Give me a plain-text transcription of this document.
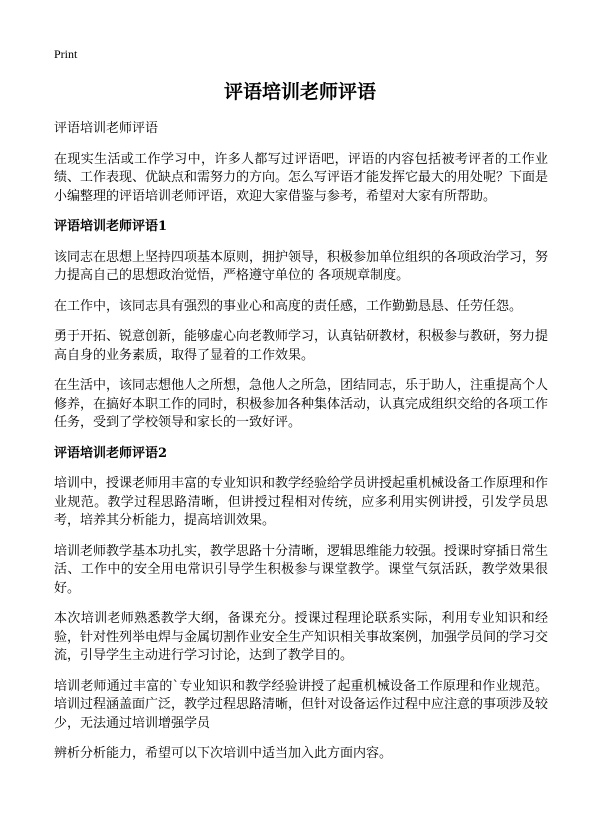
Print
评语培训老师评语

评语培训老师评语

在现实生活或工作学习中，许多人都写过评语吧，评语的内容包括被考评者的工作业绩、工作表现、优缺点和需努力的方向。怎么写评语才能发挥它最大的用处呢？下面是小编整理的评语培训老师评语，欢迎大家借鉴与参考，希望对大家有所帮助。

评语培训老师评语1

该同志在思想上坚持四项基本原则，拥护领导，积极参加单位组织的各项政治学习，努力提高自己的思想政治觉悟，严格遵守单位的 各项规章制度。

在工作中，该同志具有强烈的事业心和高度的责任感，工作勤勤恳恳、任劳任怨。

勇于开拓、锐意创新，能够虚心向老教师学习，认真钻研教材，积极参与教研，努力提高自身的业务素质，取得了显着的工作效果。

在生活中，该同志想他人之所想，急他人之所急，团结同志，乐于助人，注重提高个人修养，在搞好本职工作的同时，积极参加各种集体活动，认真完成组织交给的各项工作任务，受到了学校领导和家长的一致好评。

评语培训老师评语2

培训中，授课老师用丰富的专业知识和教学经验给学员讲授起重机械设备工作原理和作业规范。教学过程思路清晰，但讲授过程相对传统，应多利用实例讲授，引发学员思考，培养其分析能力，提高培训效果。

培训老师教学基本功扎实，教学思路十分清晰，逻辑思维能力较强。授课时穿插日常生活、工作中的安全用电常识引导学生积极参与课堂教学。课堂气氛活跃，教学效果很好。

本次培训老师熟悉教学大纲，备课充分。授课过程理论联系实际，利用专业知识和经验，针对性列举电焊与金属切割作业安全生产知识相关事故案例，加强学员间的学习交流，引导学生主动进行学习讨论，达到了教学目的。

培训老师通过丰富的`专业知识和教学经验讲授了起重机械设备工作原理和作业规范。培训过程涵盖面广泛，教学过程思路清晰，但针对设备运作过程中应注意的事项涉及较少，无法通过培训增强学员

辨析分析能力，希望可以下次培训中适当加入此方面内容。
